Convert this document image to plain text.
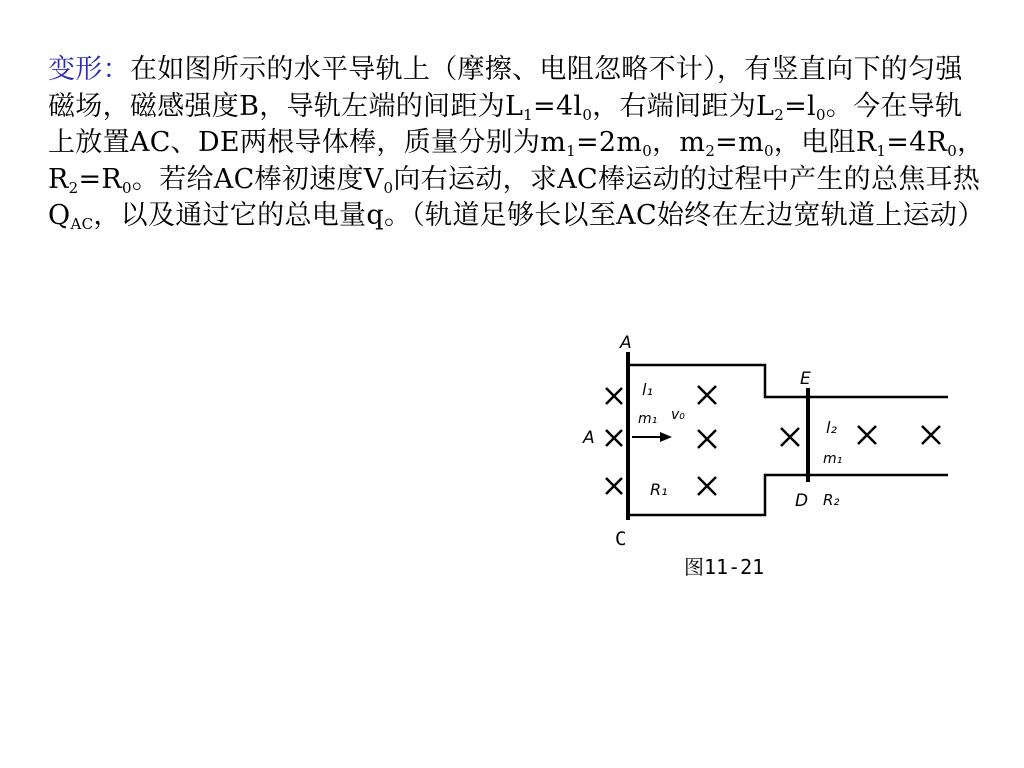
变形：在如图所示的水平导轨上（摩擦、电阻忽略不计），有竖直向下的匀强磁场，磁感强度B，导轨左端的间距为$L_1=4l_0$，右端间距为$L_2=l_0$。今在导轨上放置AC、DE两根导体棒，质量分别为$m_1=2m_0$，$m_2=m_0$，电阻$R_1=4R_0$，$R_2=R_0$。若给AC棒初速度$V_0$向右运动，求AC棒运动的过程中产生的总焦耳热$Q_{AC}$，以及通过它的总电量q。（轨道足够长以至AC始终在左边宽轨道上运动）
A
A
C
E
D
l₁
m₁ v₀
R₁
l₂
m₁
R₂
图11-21
